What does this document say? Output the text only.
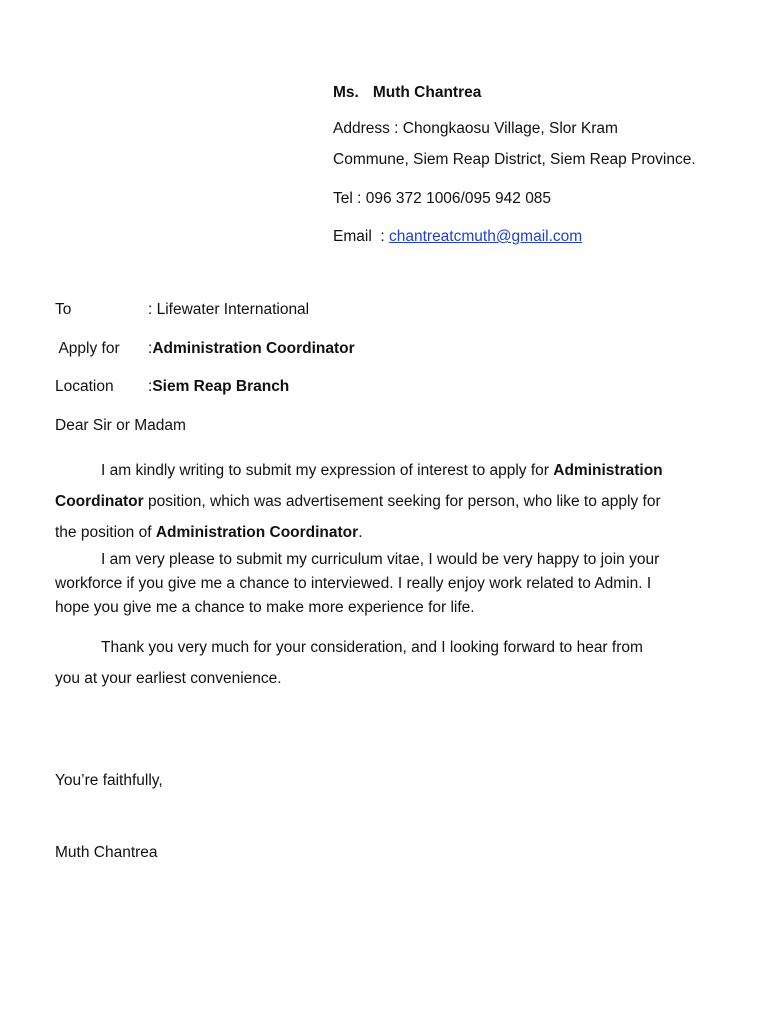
Ms. Muth Chantrea
Address : Chongkaosu Village, Slor Kram
Commune, Siem Reap District, Siem Reap Province.
Tel : 096 372 1006/095 942 085
Email  : chantreatcmuth@gmail.com
To	: Lifewater International
Apply for :Administration Coordinator
Location :Siem Reap Branch
Dear Sir or Madam
I am kindly writing to submit my expression of interest to apply for Administration
Coordinator position, which was advertisement seeking for person, who like to apply for
the position of Administration Coordinator.
I am very please to submit my curriculum vitae, I would be very happy to join your
workforce if you give me a chance to interviewed. I really enjoy work related to Admin. I
hope you give me a chance to make more experience for life.
Thank you very much for your consideration, and I looking forward to hear from
you at your earliest convenience.
You’re faithfully,
Muth Chantrea
